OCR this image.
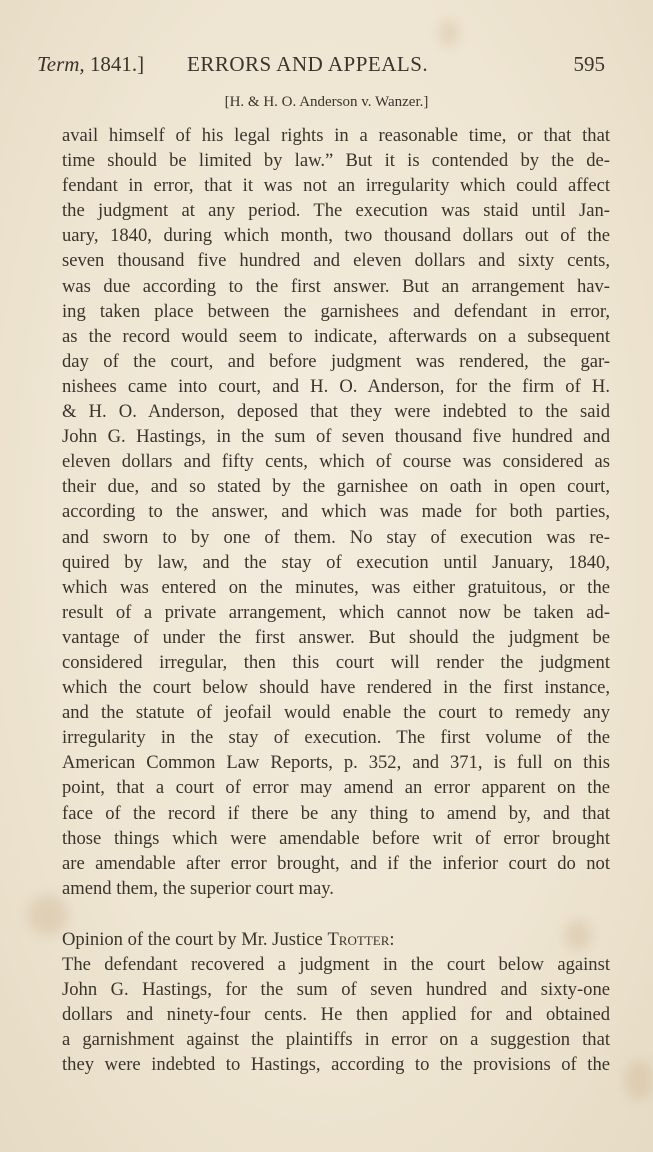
Term, 1841.] ERRORS AND APPEALS.	595
[H. & H. O. Anderson v. Wanzer.]
avail himself of his legal rights in a reasonable time, or that that
time should be limited by law.” But it is contended by the de-
fendant in error, that it was not an irregularity which could affect
the judgment at any period. The execution was staid until Jan-
uary, 1840, during which month, two thousand dollars out of the
seven thousand five hundred and eleven dollars and sixty cents,
was due according to the first answer. But an arrangement hav-
ing taken place between the garnishees and defendant in error,
as the record would seem to indicate, afterwards on a subsequent
day of the court, and before judgment was rendered, the gar-
nishees came into court, and H. O. Anderson, for the firm of H.
& H. O. Anderson, deposed that they were indebted to the said
John G. Hastings, in the sum of seven thousand five hundred and
eleven dollars and fifty cents, which of course was considered as
their due, and so stated by the garnishee on oath in open court,
according to the answer, and which was made for both parties,
and sworn to by one of them. No stay of execution was re-
quired by law, and the stay of execution until January, 1840,
which was entered on the minutes, was either gratuitous, or the
result of a private arrangement, which cannot now be taken ad-
vantage of under the first answer. But should the judgment be
considered irregular, then this court will render the judgment
which the court below should have rendered in the first instance,
and the statute of jeofail would enable the court to remedy any
irregularity in the stay of execution. The first volume of the
American Common Law Reports, p. 352, and 371, is full on this
point, that a court of error may amend an error apparent on the
face of the record if there be any thing to amend by, and that
those things which were amendable before writ of error brought
are amendable after error brought, and if the inferior court do not
amend them, the superior court may.
Opinion of the court by Mr. Justice Trotter:
The defendant recovered a judgment in the court below against
John G. Hastings, for the sum of seven hundred and sixty-one
dollars and ninety-four cents. He then applied for and obtained
a garnishment against the plaintiffs in error on a suggestion that
they were indebted to Hastings, according to the provisions of the
